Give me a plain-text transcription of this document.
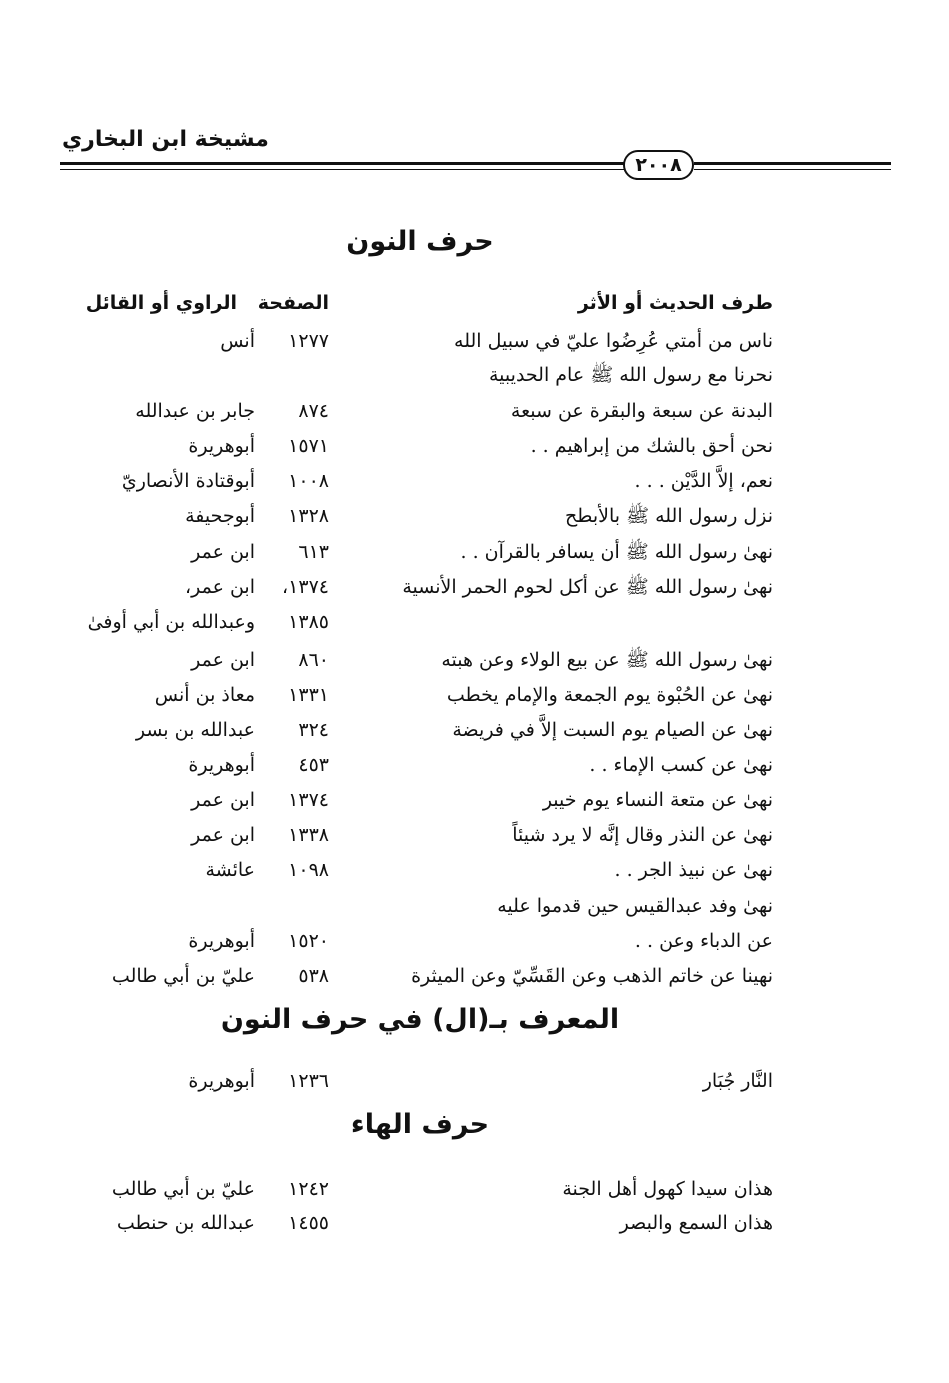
مشيخة ابن البخاري
٢٠٠٨
حرف النون
طرف الحديث أو الأثر
الصفحة
الراوي أو القائل
ناس من أمتي عُرِضُوا عليّ في سبيل الله
١٢٧٧
أنس
نحرنا مع رسول الله ﷺ عام الحديبية
البدنة عن سبعة والبقرة عن سبعة
٨٧٤
جابر بن عبدالله
نحن أحق بالشك من إبراهيم . .
١٥٧١
أبوهريرة
نعم، إلاَّ الدَّيْن . . .
١٠٠٨
أبوقتادة الأنصاريّ
نزل رسول الله ﷺ بالأبطح
١٣٢٨
أبوجحيفة
نهىٰ رسول الله ﷺ أن يسافر بالقرآن . .
٦١٣
ابن عمر
نهىٰ رسول الله ﷺ عن أكل لحوم الحمر الأنسية
١٣٧٤،
ابن عمر،
١٣٨٥
وعبدالله بن أبي أوفىٰ
نهىٰ رسول الله ﷺ عن بيع الولاء وعن هبته
٨٦٠
ابن عمر
نهىٰ عن الحُبْوة يوم الجمعة والإمام يخطب
١٣٣١
معاذ بن أنس
نهىٰ عن الصيام يوم السبت إلاَّ في فريضة
٣٢٤
عبدالله بن بسر
نهىٰ عن كسب الإماء . .
٤٥٣
أبوهريرة
نهىٰ عن متعة النساء يوم خيبر
١٣٧٤
ابن عمر
نهىٰ عن النذر وقال إنَّه لا يرد شيئاً
١٣٣٨
ابن عمر
نهىٰ عن نبيذ الجر . .
١٠٩٨
عائشة
نهىٰ وفد عبدالقيس حين قدموا عليه
عن الدباء وعن . .
١٥٢٠
أبوهريرة
نهينا عن خاتم الذهب وعن القَسِّيّ وعن الميثرة
٥٣٨
عليّ بن أبي طالب
النَّار جُبَار
١٢٣٦
أبوهريرة
هذان سيدا كهول أهل الجنة
١٢٤٢
عليّ بن أبي طالب
هذان السمع والبصر
١٤٥٥
عبدالله بن حنطب
المعرف بـ(ال) في حرف النون
حرف الهاء
